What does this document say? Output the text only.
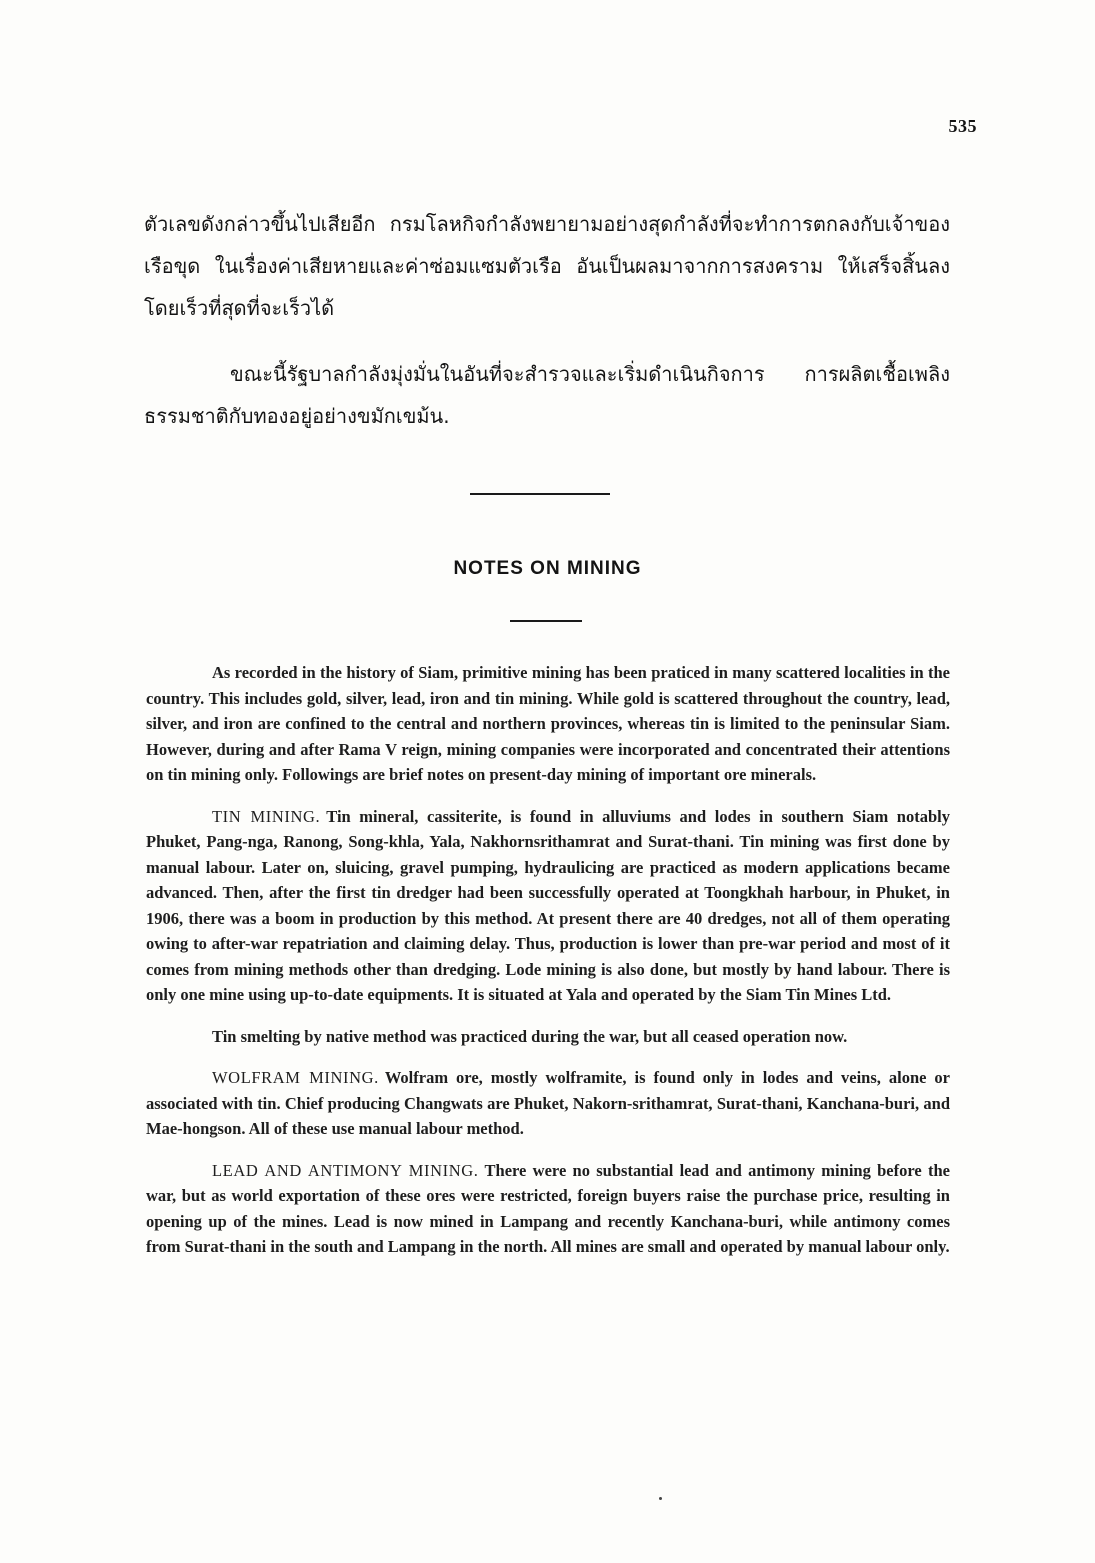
535

ตัวเลขดังกล่าวขึ้นไปเสียอีก กรมโลหกิจกำลังพยายามอย่างสุดกำลังที่จะทำการตกลงกับเจ้าของเรือขุด ในเรื่องค่าเสียหายและค่าซ่อมแซมตัวเรือ อันเป็นผลมาจากการสงคราม ให้เสร็จสิ้นลงโดยเร็วที่สุดที่จะเร็วได้

ขณะนี้รัฐบาลกำลังมุ่งมั่นในอันที่จะสำรวจและเริ่มดำเนินกิจการ การผลิตเชื้อเพลิงธรรมชาติกับทองอยู่อย่างขมักเขม้น.

NOTES ON MINING

As recorded in the history of Siam, primitive mining has been praticed in many scattered localities in the country. This includes gold, silver, lead, iron and tin mining. While gold is scattered throughout the country, lead, silver, and iron are confined to the central and northern provinces, whereas tin is limited to the peninsular Siam. However, during and after Rama V reign, mining companies were incorporated and concentrated their attentions on tin mining only. Followings are brief notes on present-day mining of important ore minerals.

TIN MINING. Tin mineral, cassiterite, is found in alluviums and lodes in southern Siam notably Phuket, Pang-nga, Ranong, Song-khla, Yala, Nakhornsrithamrat and Surat-thani. Tin mining was first done by manual labour. Later on, sluicing, gravel pumping, hydraulicing are practiced as modern applications became advanced. Then, after the first tin dredger had been successfully operated at Toongkhah harbour, in Phuket, in 1906, there was a boom in production by this method. At present there are 40 dredges, not all of them operating owing to after-war repatriation and claiming delay. Thus, production is lower than pre-war period and most of it comes from mining methods other than dredging. Lode mining is also done, but mostly by hand labour. There is only one mine using up-to-date equipments. It is situated at Yala and operated by the Siam Tin Mines Ltd.

Tin smelting by native method was practiced during the war, but all ceased operation now.

WOLFRAM MINING. Wolfram ore, mostly wolframite, is found only in lodes and veins, alone or associated with tin. Chief producing Changwats are Phuket, Nakorn-srithamrat, Surat-thani, Kanchana-buri, and Mae-hongson. All of these use manual labour method.

LEAD AND ANTIMONY MINING. There were no substantial lead and antimony mining before the war, but as world exportation of these ores were restricted, foreign buyers raise the purchase price, resulting in opening up of the mines. Lead is now mined in Lampang and recently Kanchana-buri, while antimony comes from Surat-thani in the south and Lampang in the north. All mines are small and operated by manual labour only.
